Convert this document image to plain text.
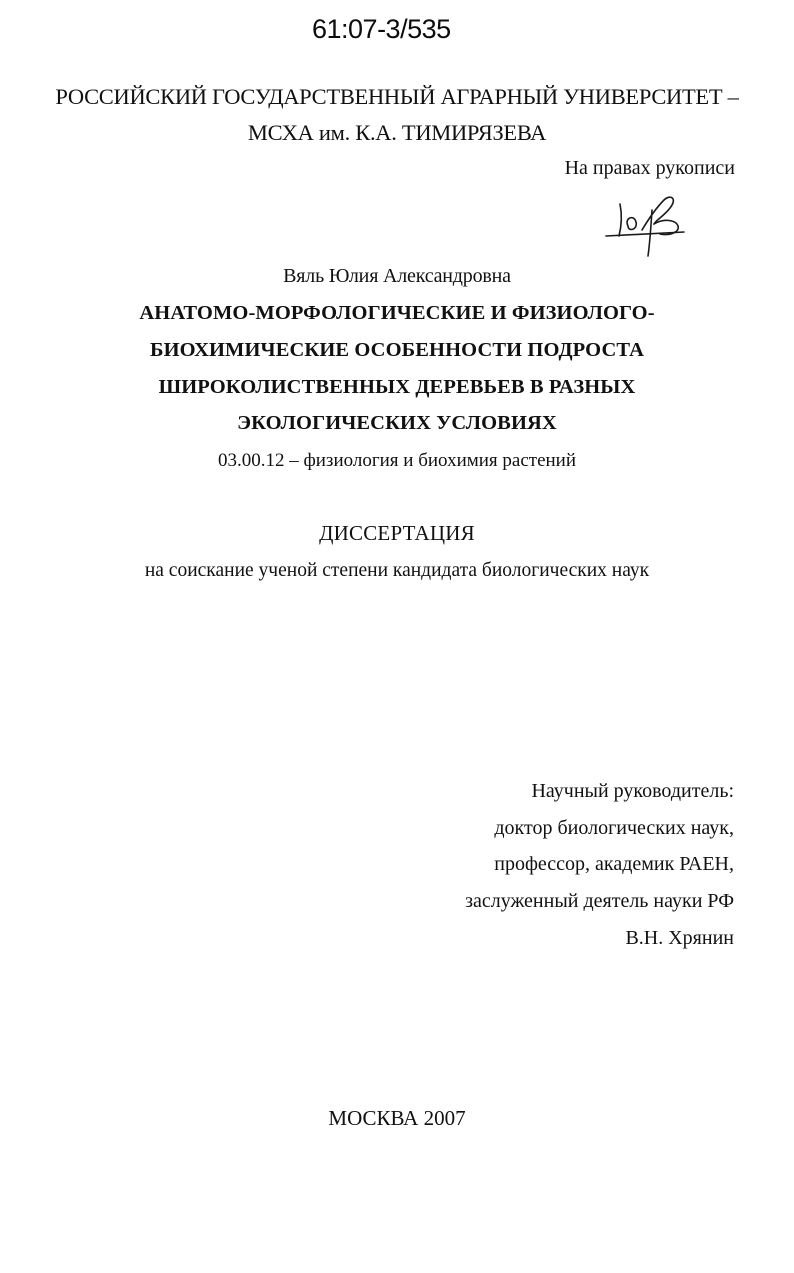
61:07-3/535
РОССИЙСКИЙ ГОСУДАРСТВЕННЫЙ АГРАРНЫЙ УНИВЕРСИТЕТ –
МСХА им. К.А. ТИМИРЯЗЕВА
На правах рукописи
Вяль Юлия Александровна
АНАТОМО-МОРФОЛОГИЧЕСКИЕ И ФИЗИОЛОГО-
БИОХИМИЧЕСКИЕ ОСОБЕННОСТИ ПОДРОСТА
ШИРОКОЛИСТВЕННЫХ ДЕРЕВЬЕВ В РАЗНЫХ
ЭКОЛОГИЧЕСКИХ УСЛОВИЯХ
03.00.12 – физиология и биохимия растений
ДИССЕРТАЦИЯ
на соискание ученой степени кандидата биологических наук
Научный руководитель:
доктор биологических наук,
профессор, академик РАЕН,
заслуженный деятель науки РФ
В.Н. Хрянин
МОСКВА 2007
